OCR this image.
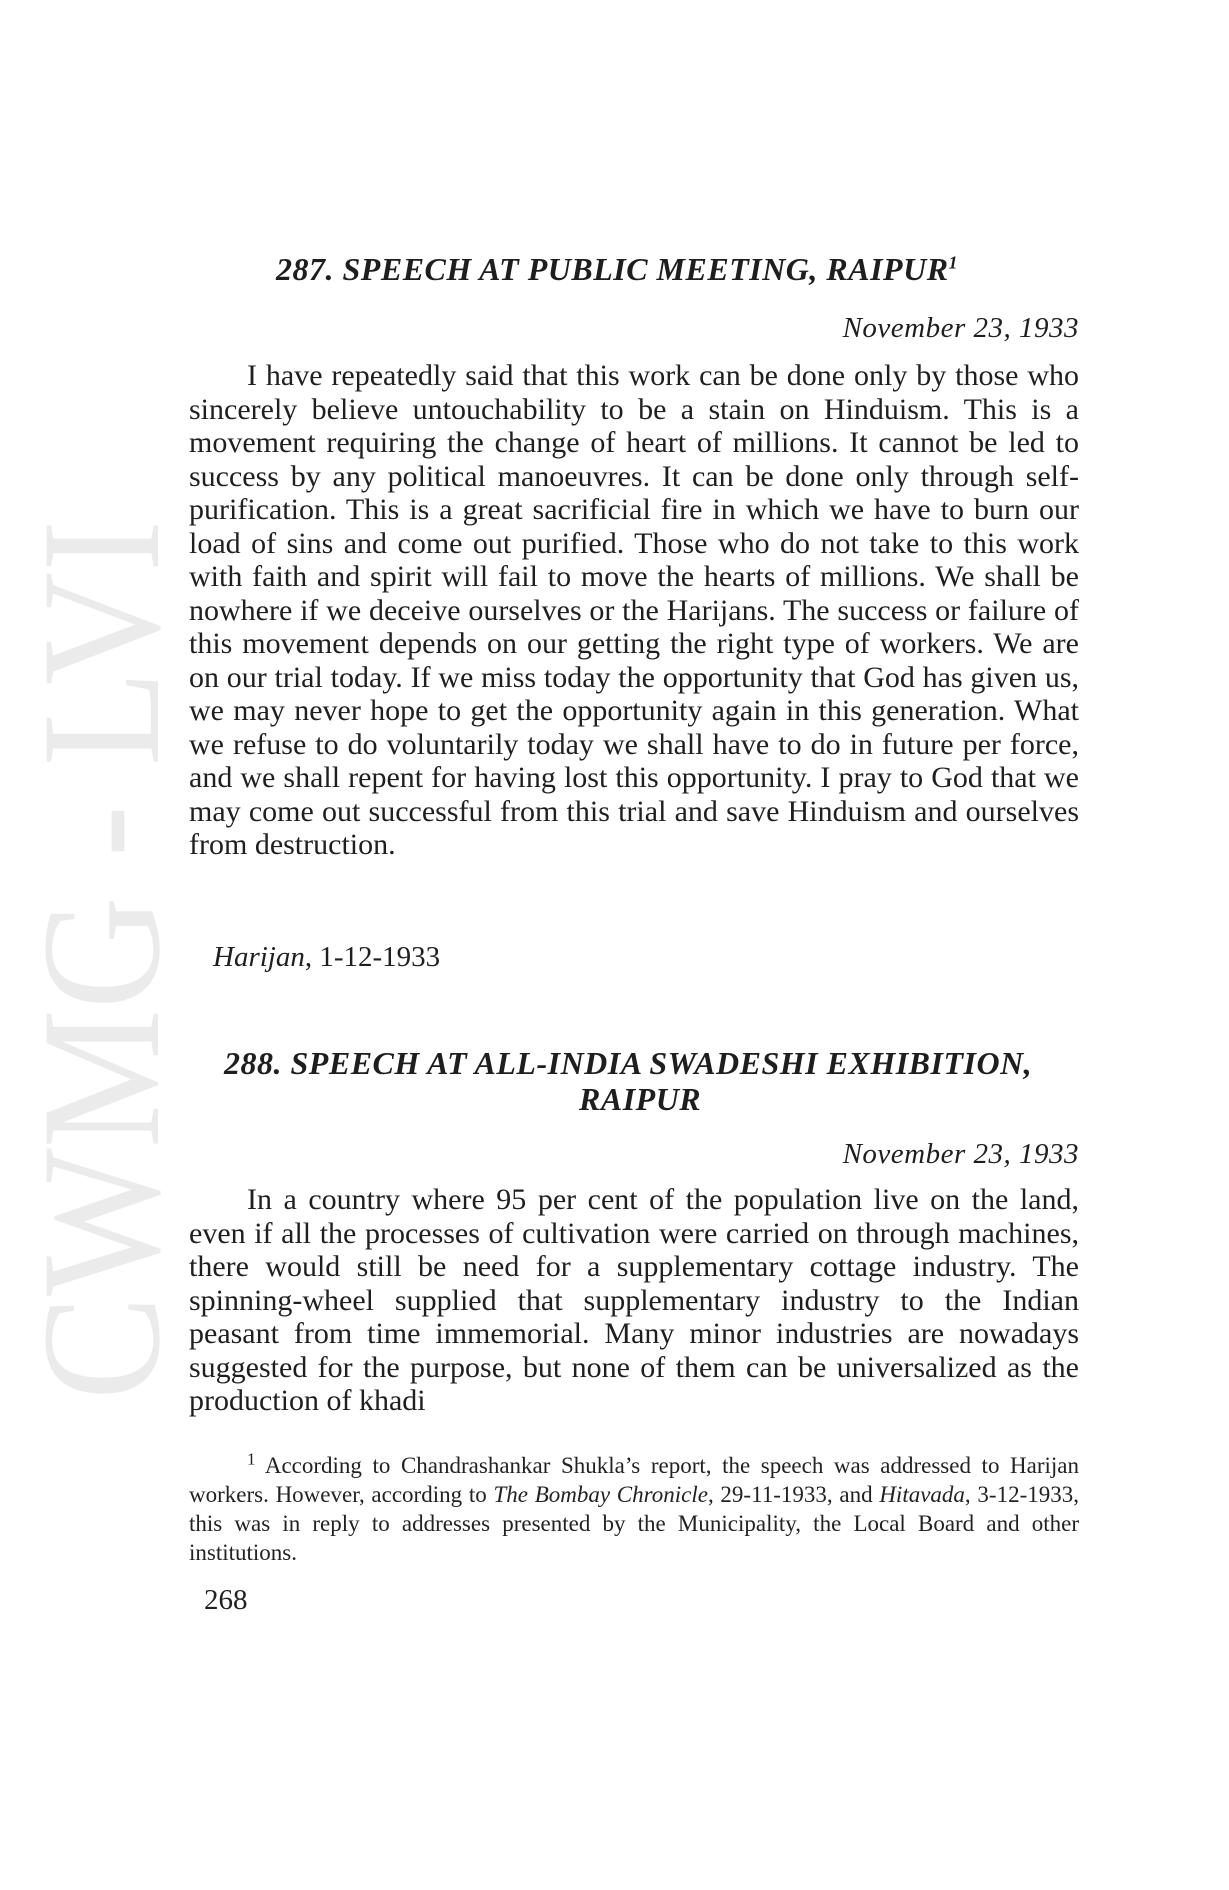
CWMG - LVI
287. SPEECH AT PUBLIC MEETING, RAIPUR$^1$
November 23, 1933

I have repeatedly said that this work can be done only by those who sincerely believe untouchability to be a stain on Hinduism. This is a movement requiring the change of heart of millions. It cannot be led to success by any political manoeuvres. It can be done only through self-purification. This is a great sacrificial fire in which we have to burn our load of sins and come out purified. Those who do not take to this work with faith and spirit will fail to move the hearts of millions. We shall be nowhere if we deceive ourselves or the Harijans. The success or failure of this movement depends on our getting the right type of workers. We are on our trial today. If we miss today the opportunity that God has given us, we may never hope to get the opportunity again in this generation. What we refuse to do voluntarily today we shall have to do in future per force, and we shall repent for having lost this opportunity. I pray to God that we may come out successful from this trial and save Hinduism and ourselves from destruction.

Harijan, 1-12-1933
288. SPEECH AT ALL-INDIA SWADESHI EXHIBITION,
RAIPUR
November 23, 1933

In a country where 95 per cent of the population live on the land, even if all the processes of cultivation were carried on through machines, there would still be need for a supplementary cottage industry. The spinning-wheel supplied that supplementary industry to the Indian peasant from time immemorial. Many minor industries are nowadays suggested for the purpose, but none of them can be universalized as the production of khadi

$^1$ According to Chandrashankar Shukla’s report, the speech was addressed to Harijan workers. However, according to The Bombay Chronicle, 29-11-1933, and Hitavada, 3-12-1933, this was in reply to addresses presented by the Municipality, the Local Board and other institutions.

268
